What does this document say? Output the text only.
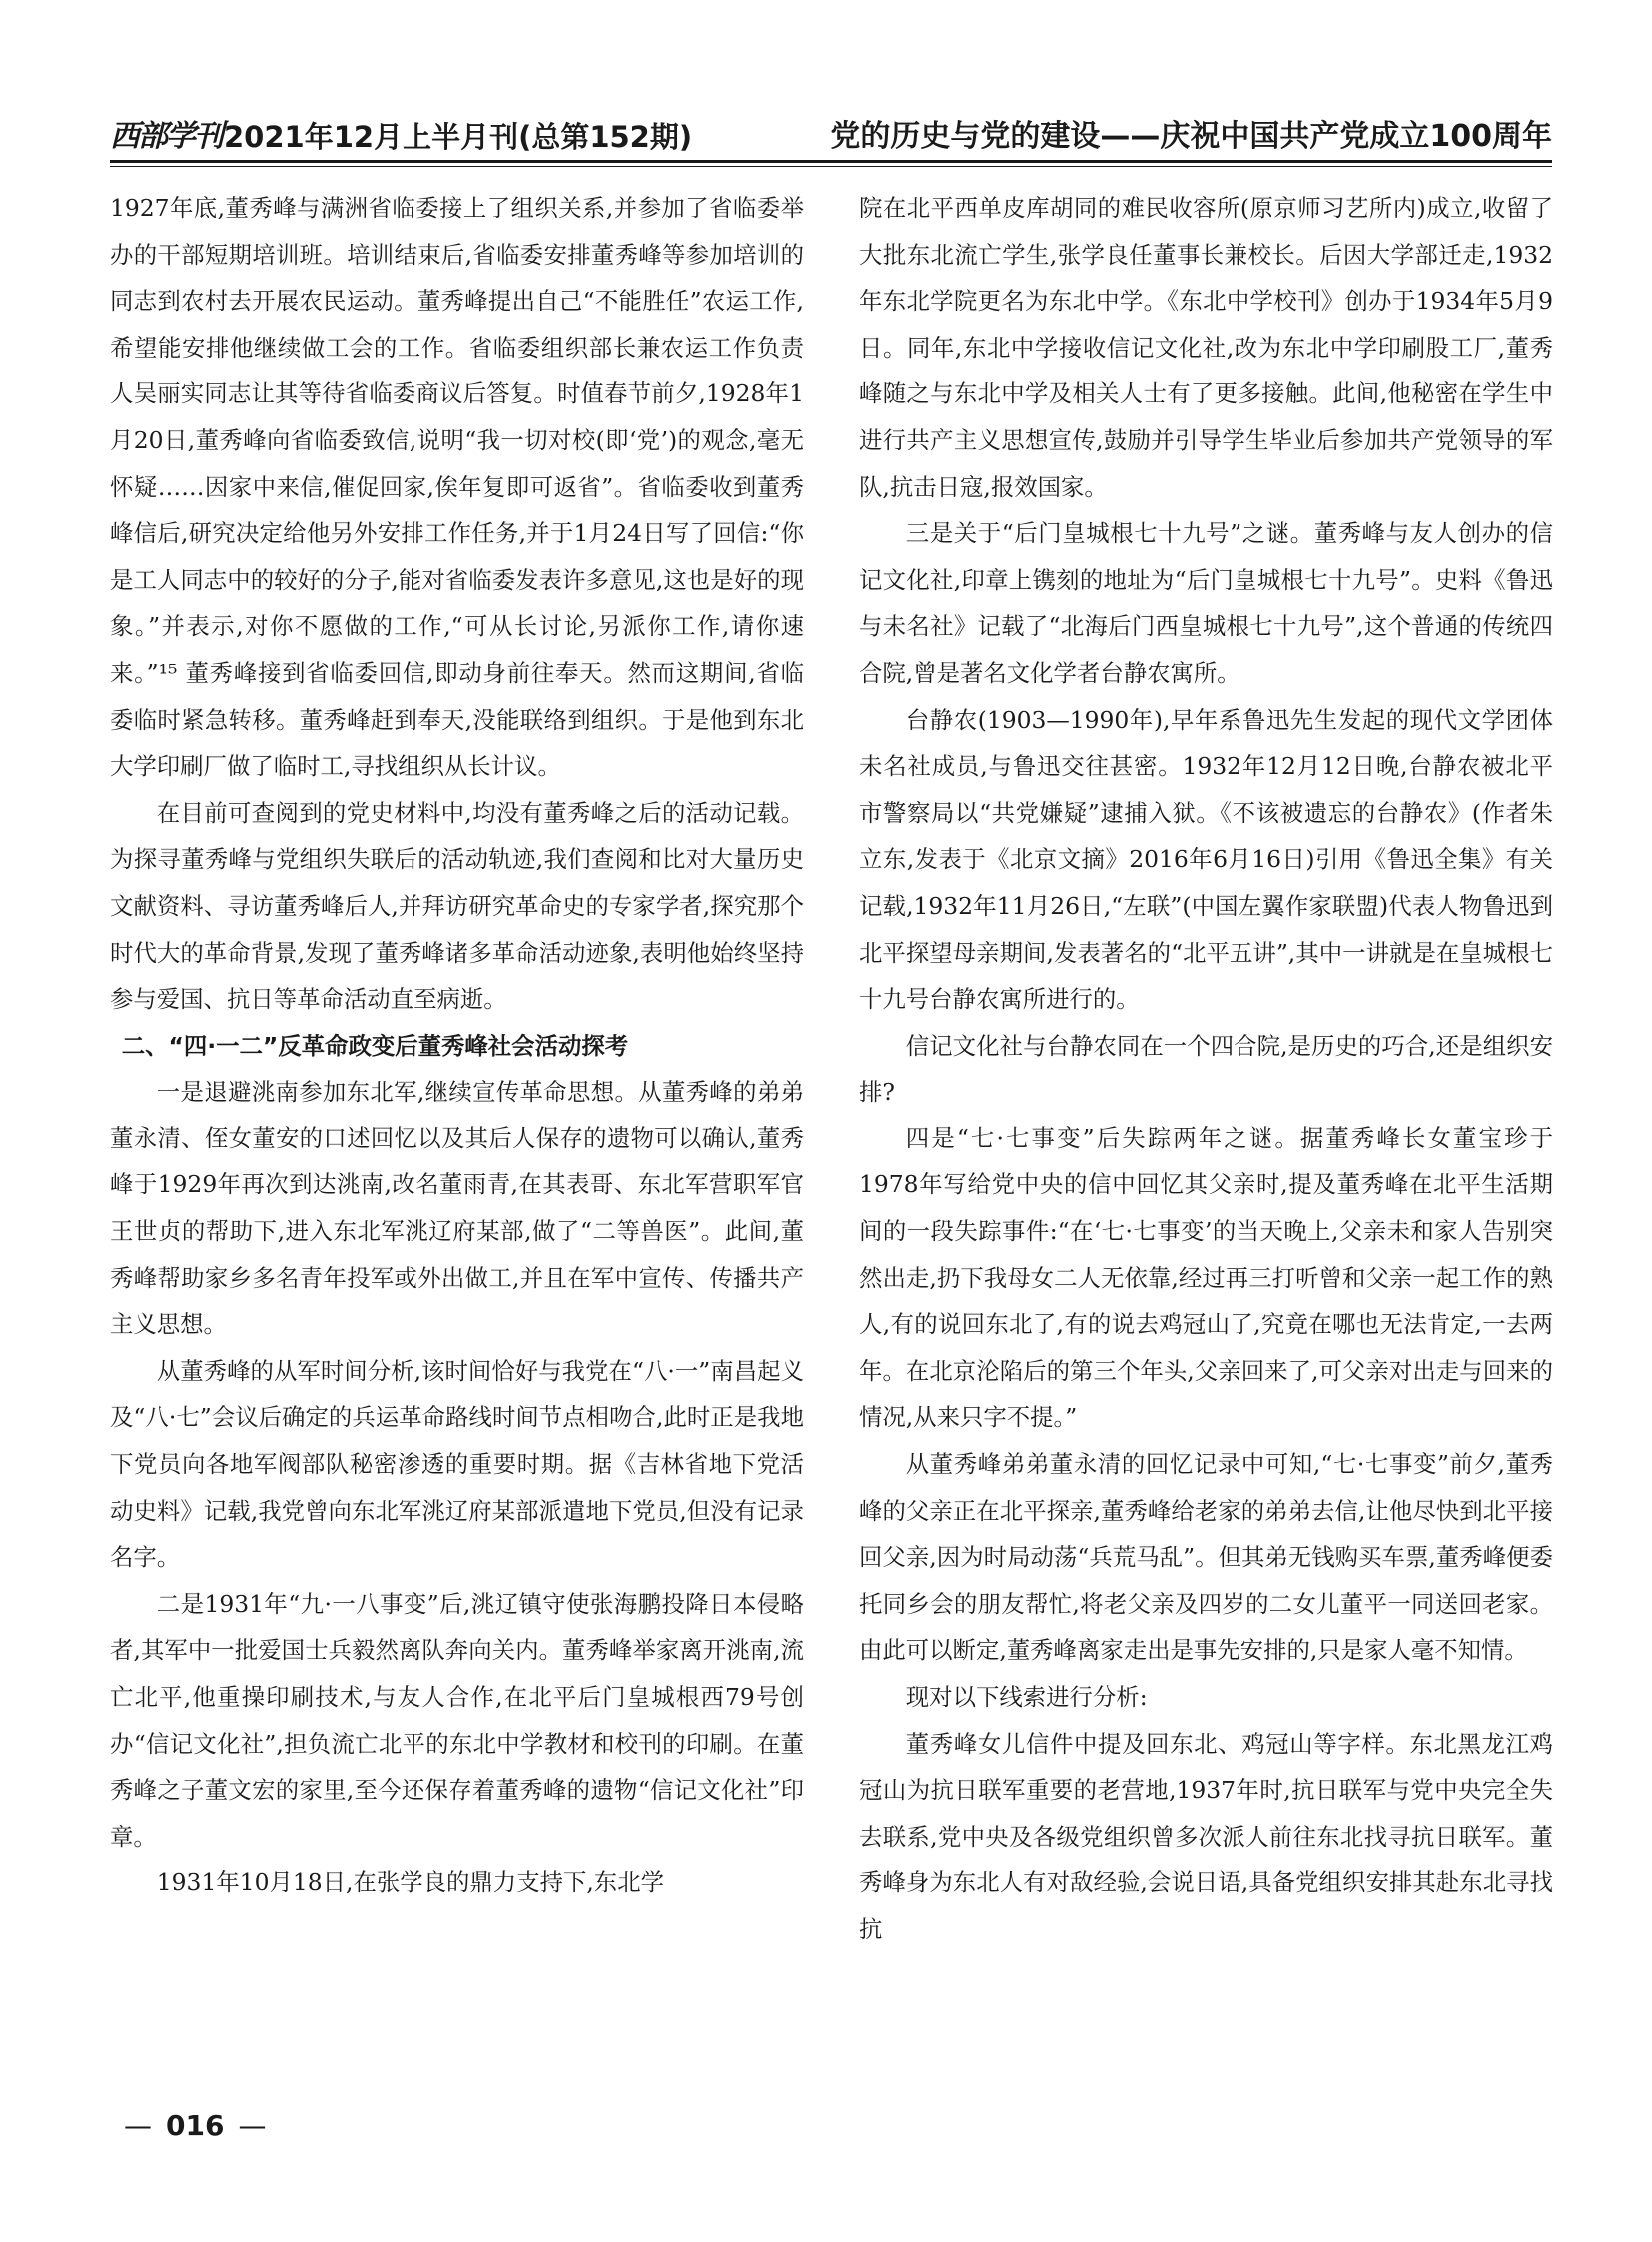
西部学刊 2021年12月上半月刊(总第152期)	党的历史与党的建设——庆祝中国共产党成立100周年

1927年底,董秀峰与满洲省临委接上了组织关系,并参加了省临委举办的干部短期培训班。培训结束后,省临委安排董秀峰等参加培训的同志到农村去开展农民运动。董秀峰提出自己“不能胜任”农运工作,希望能安排他继续做工会的工作。省临委组织部长兼农运工作负责人吴丽实同志让其等待省临委商议后答复。时值春节前夕,1928年1月20日,董秀峰向省临委致信,说明“我一切对校(即‘党’)的观念,毫无怀疑……因家中来信,催促回家,俟年复即可返省”。省临委收到董秀峰信后,研究决定给他另外安排工作任务,并于1月24日写了回信:“你是工人同志中的较好的分子,能对省临委发表许多意见,这也是好的现象。”并表示,对你不愿做的工作,“可从长讨论,另派你工作,请你速来。”¹⁵ 董秀峰接到省临委回信,即动身前往奉天。然而这期间,省临委临时紧急转移。董秀峰赶到奉天,没能联络到组织。于是他到东北大学印刷厂做了临时工,寻找组织从长计议。

在目前可查阅到的党史材料中,均没有董秀峰之后的活动记载。为探寻董秀峰与党组织失联后的活动轨迹,我们查阅和比对大量历史文献资料、寻访董秀峰后人,并拜访研究革命史的专家学者,探究那个时代大的革命背景,发现了董秀峰诸多革命活动迹象,表明他始终坚持参与爱国、抗日等革命活动直至病逝。

二、“四·一二”反革命政变后董秀峰社会活动探考

一是退避洮南参加东北军,继续宣传革命思想。从董秀峰的弟弟董永清、侄女董安的口述回忆以及其后人保存的遗物可以确认,董秀峰于1929年再次到达洮南,改名董雨青,在其表哥、东北军营职军官王世贞的帮助下,进入东北军洮辽府某部,做了“二等兽医”。此间,董秀峰帮助家乡多名青年投军或外出做工,并且在军中宣传、传播共产主义思想。

从董秀峰的从军时间分析,该时间恰好与我党在“八·一”南昌起义及“八·七”会议后确定的兵运革命路线时间节点相吻合,此时正是我地下党员向各地军阀部队秘密渗透的重要时期。据《吉林省地下党活动史料》记载,我党曾向东北军洮辽府某部派遣地下党员,但没有记录名字。

二是1931年“九·一八事变”后,洮辽镇守使张海鹏投降日本侵略者,其军中一批爱国士兵毅然离队奔向关内。董秀峰举家离开洮南,流亡北平,他重操印刷技术,与友人合作,在北平后门皇城根西79号创办“信记文化社”,担负流亡北平的东北中学教材和校刊的印刷。在董秀峰之子董文宏的家里,至今还保存着董秀峰的遗物“信记文化社”印章。

1931年10月18日,在张学良的鼎力支持下,东北学

院在北平西单皮库胡同的难民收容所(原京师习艺所内)成立,收留了大批东北流亡学生,张学良任董事长兼校长。后因大学部迁走,1932年东北学院更名为东北中学。《东北中学校刊》创办于1934年5月9日。同年,东北中学接收信记文化社,改为东北中学印刷股工厂,董秀峰随之与东北中学及相关人士有了更多接触。此间,他秘密在学生中进行共产主义思想宣传,鼓励并引导学生毕业后参加共产党领导的军队,抗击日寇,报效国家。

三是关于“后门皇城根七十九号”之谜。董秀峰与友人创办的信记文化社,印章上镌刻的地址为“后门皇城根七十九号”。史料《鲁迅与未名社》记载了“北海后门西皇城根七十九号”,这个普通的传统四合院,曾是著名文化学者台静农寓所。

台静农(1903—1990年),早年系鲁迅先生发起的现代文学团体未名社成员,与鲁迅交往甚密。1932年12月12日晚,台静农被北平市警察局以“共党嫌疑”逮捕入狱。《不该被遗忘的台静农》(作者朱立东,发表于《北京文摘》2016年6月16日)引用《鲁迅全集》有关记载,1932年11月26日,“左联”(中国左翼作家联盟)代表人物鲁迅到北平探望母亲期间,发表著名的“北平五讲”,其中一讲就是在皇城根七十九号台静农寓所进行的。

信记文化社与台静农同在一个四合院,是历史的巧合,还是组织安排?

四是“七·七事变”后失踪两年之谜。据董秀峰长女董宝珍于1978年写给党中央的信中回忆其父亲时,提及董秀峰在北平生活期间的一段失踪事件:“在‘七·七事变’的当天晚上,父亲未和家人告别突然出走,扔下我母女二人无依靠,经过再三打听曾和父亲一起工作的熟人,有的说回东北了,有的说去鸡冠山了,究竟在哪也无法肯定,一去两年。在北京沦陷后的第三个年头,父亲回来了,可父亲对出走与回来的情况,从来只字不提。”

从董秀峰弟弟董永清的回忆记录中可知,“七·七事变”前夕,董秀峰的父亲正在北平探亲,董秀峰给老家的弟弟去信,让他尽快到北平接回父亲,因为时局动荡“兵荒马乱”。但其弟无钱购买车票,董秀峰便委托同乡会的朋友帮忙,将老父亲及四岁的二女儿董平一同送回老家。由此可以断定,董秀峰离家走出是事先安排的,只是家人毫不知情。

现对以下线索进行分析:

董秀峰女儿信件中提及回东北、鸡冠山等字样。东北黑龙江鸡冠山为抗日联军重要的老营地,1937年时,抗日联军与党中央完全失去联系,党中央及各级党组织曾多次派人前往东北找寻抗日联军。董秀峰身为东北人有对敌经验,会说日语,具备党组织安排其赴东北寻找抗

— 016 —
